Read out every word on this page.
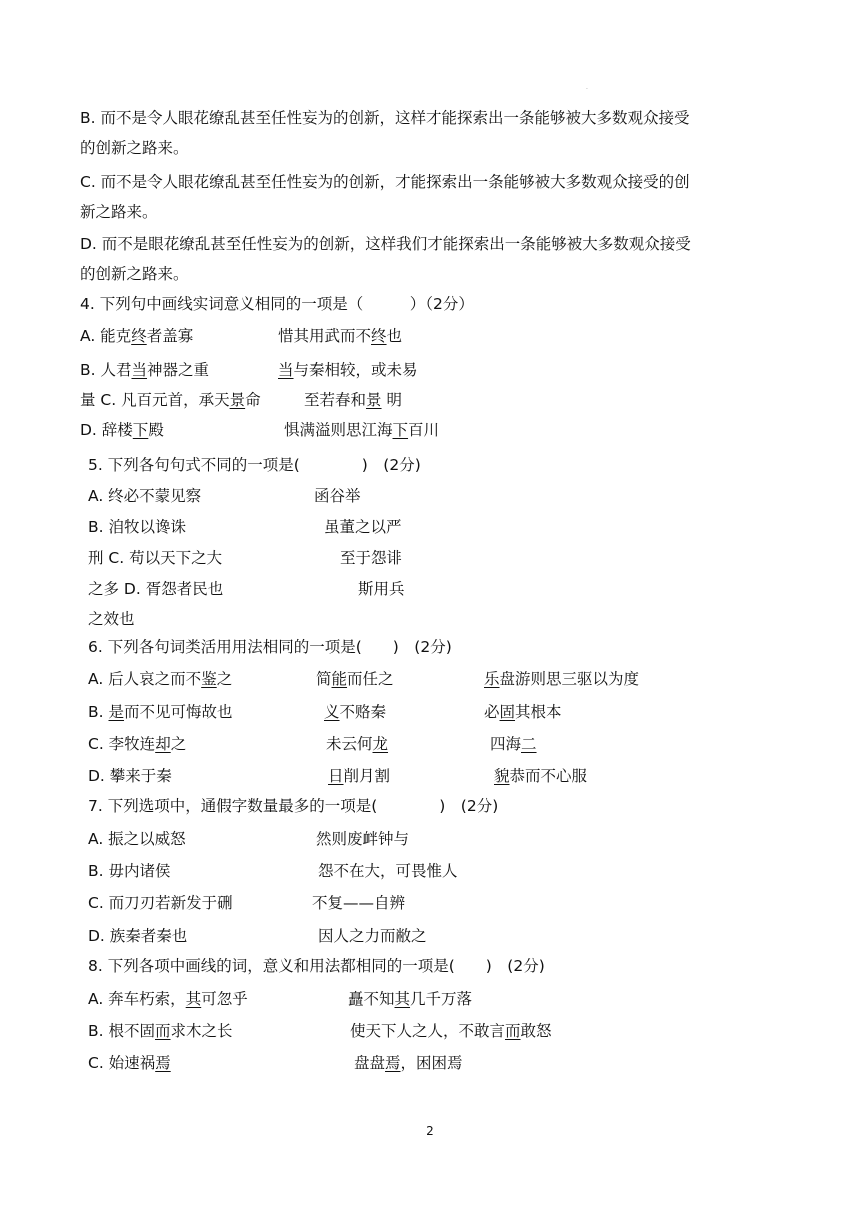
·
B. 而不是令人眼花缭乱甚至任性妄为的创新，这样才能探索出一条能够被大多数观众接受
的创新之路来。
C. 而不是令人眼花缭乱甚至任性妄为的创新，才能探索出一条能够被大多数观众接受的创
新之路来。
D. 而不是眼花缭乱甚至任性妄为的创新，这样我们才能探索出一条能够被大多数观众接受
的创新之路来。
4. 下列句中画线实词意义相同的一项是（　　　）（2分）
A. 能克终者盖寡	惜其用武而不终也
B. 人君当神器之重	当与秦相较，或未易
量 C. 凡百元首，承天景命	至若春和景 明
D. 辞楼下殿	惧满溢则思江海下百川
5. 下列各句句式不同的一项是(　　　　)　(2分)
A. 终必不蒙见察	函谷举
B. 洎牧以谗诛	虽董之以严
刑 C. 苟以天下之大	至于怨诽
之多 D. 胥怨者民也	斯用兵
之效也
6. 下列各句词类活用用法相同的一项是(　　)　(2分)
A. 后人哀之而不鉴之	简能而任之	乐盘游则思三驱以为度
B. 是而不见可悔故也	义不赂秦	必固其根本
C. 李牧连却之	未云何龙	四海二
D. 攀来于秦	日削月割	貌恭而不心服
7. 下列选项中，通假字数量最多的一项是(　　　　)　(2分)
A. 振之以威怒	然则废衅钟与
B. 毋内诸侯	怨不在大，可畏惟人
C. 而刀刃若新发于硎	不复——自辨
D. 族秦者秦也	因人之力而敝之
8. 下列各项中画线的词，意义和用法都相同的一项是(　　)　(2分)
A. 奔车朽索，其可忽乎	矗不知其几千万落
B. 根不固而求木之长	使天下人之人，不敢言而敢怒
C. 始速祸焉	盘盘焉，困困焉
2
